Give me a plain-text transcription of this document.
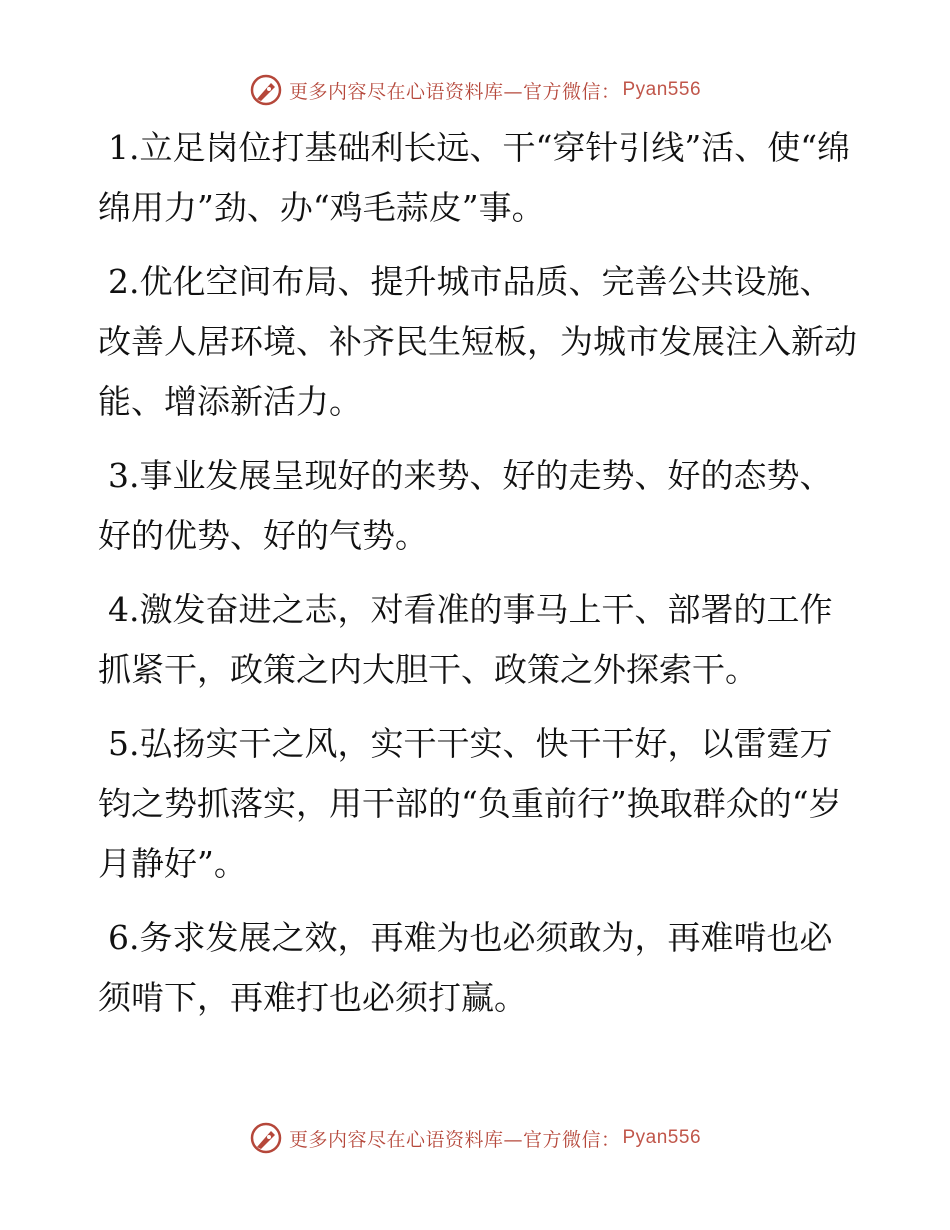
更多内容尽在心语资料库—官方微信： Pyan556

1.立足岗位打基础利长远、干“穿针引线”活、使“绵绵用力”劲、办“鸡毛蒜皮”事。

2.优化空间布局、提升城市品质、完善公共设施、改善人居环境、补齐民生短板，为城市发展注入新动能、增添新活力。

3.事业发展呈现好的来势、好的走势、好的态势、好的优势、好的气势。

4.激发奋进之志，对看准的事马上干、部署的工作抓紧干，政策之内大胆干、政策之外探索干。

5.弘扬实干之风，实干干实、快干干好，以雷霆万钧之势抓落实，用干部的“负重前行”换取群众的“岁月静好”。

6.务求发展之效，再难为也必须敢为，再难啃也必须啃下，再难打也必须打赢。

更多内容尽在心语资料库—官方微信： Pyan556
